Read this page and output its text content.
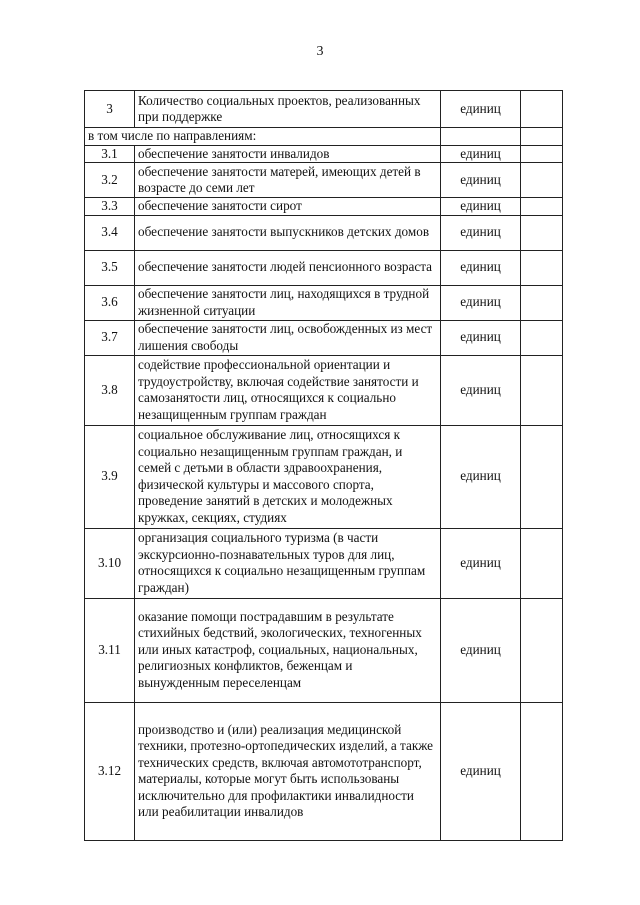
3
3	Количество социальных проектов, реализованных при поддержке	единиц	
в том числе по направлениям:			
3.1	обеспечение занятости инвалидов	единиц	
3.2	обеспечение занятости матерей, имеющих детей в возрасте до семи лет	единиц	
3.3	обеспечение занятости сирот	единиц	
3.4	обеспечение занятости выпускников детских домов	единиц	
3.5	обеспечение занятости людей пенсионного возраста	единиц	
3.6	обеспечение занятости лиц, находящихся в трудной жизненной ситуации	единиц	
3.7	обеспечение занятости лиц, освобожденных из мест лишения свободы	единиц	
3.8	содействие профессиональной ориентации и трудоустройству, включая содействие занятости и самозанятости лиц, относящихся к социально незащищенным группам граждан	единиц	
3.9	социальное обслуживание лиц, относящихся к социально незащищенным группам граждан, и семей с детьми в области здравоохранения, физической культуры и массового спорта, проведение занятий в детских и молодежных кружках, секциях, студиях	единиц	
3.10	организация социального туризма (в части экскурсионно-познавательных туров для лиц, относящихся к социально незащищенным группам граждан)	единиц	
3.11	оказание помощи пострадавшим в результате стихийных бедствий, экологических, техногенных или иных катастроф, социальных, национальных, религиозных конфликтов, беженцам и вынужденным переселенцам	единиц	
3.12	производство и (или) реализация медицинской техники, протезно-ортопедических изделий, а также технических средств, включая автомототранспорт, материалы, которые могут быть использованы исключительно для профилактики инвалидности или реабилитации инвалидов	единиц	
